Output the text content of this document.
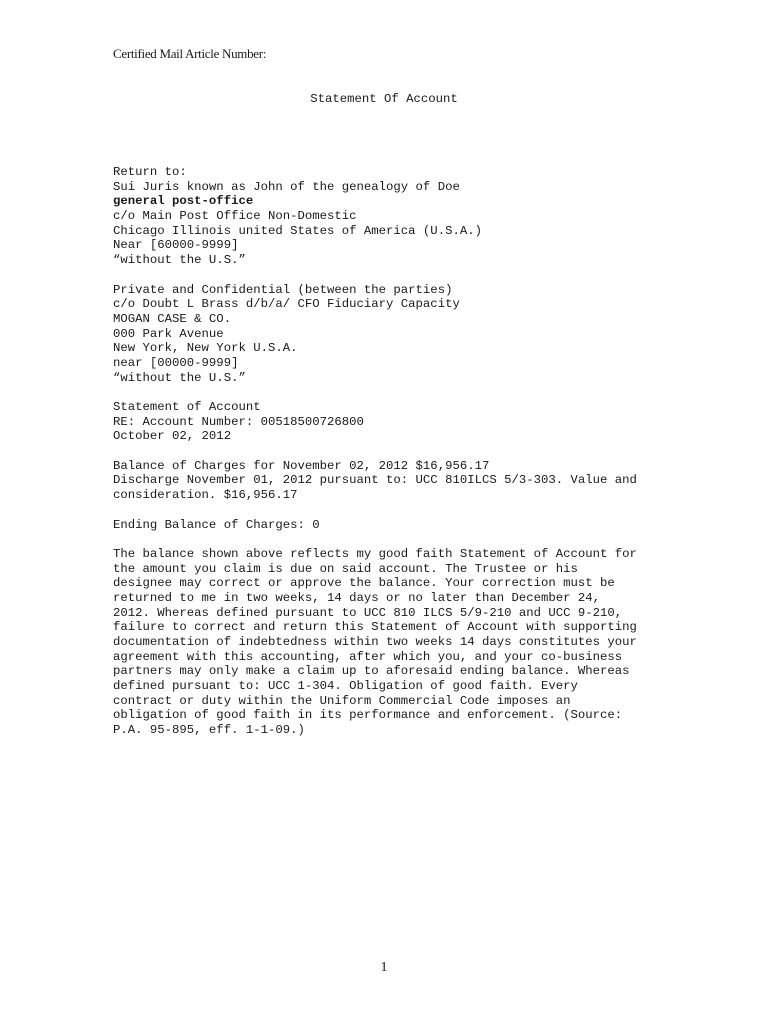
Certified Mail Article Number:
Statement Of Account
Return to:
Sui Juris known as John of the genealogy of Doe
general post-office
c/o Main Post Office Non-Domestic
Chicago Illinois united States of America (U.S.A.)
Near [60000-9999]
“without the U.S.”
Private and Confidential (between the parties)
c/o Doubt L Brass d/b/a/ CFO Fiduciary Capacity
MOGAN CASE & CO.
000 Park Avenue
New York, New York U.S.A.
near [00000-9999]
“without the U.S.”
Statement of Account
RE: Account Number: 00518500726800
October 02, 2012
Balance of Charges for November 02, 2012 $16,956.17
Discharge November 01, 2012 pursuant to: UCC 810ILCS 5/3-303. Value and
consideration. $16,956.17
Ending Balance of Charges: 0
The balance shown above reflects my good faith Statement of Account for
the amount you claim is due on said account. The Trustee or his
designee may correct or approve the balance. Your correction must be
returned to me in two weeks, 14 days or no later than December 24,
2012. Whereas defined pursuant to UCC 810 ILCS 5/9-210 and UCC 9-210,
failure to correct and return this Statement of Account with supporting
documentation of indebtedness within two weeks 14 days constitutes your
agreement with this accounting, after which you, and your co-business
partners may only make a claim up to aforesaid ending balance. Whereas
defined pursuant to: UCC 1-304. Obligation of good faith. Every
contract or duty within the Uniform Commercial Code imposes an
obligation of good faith in its performance and enforcement. (Source:
P.A. 95-895, eff. 1-1-09.)
1
